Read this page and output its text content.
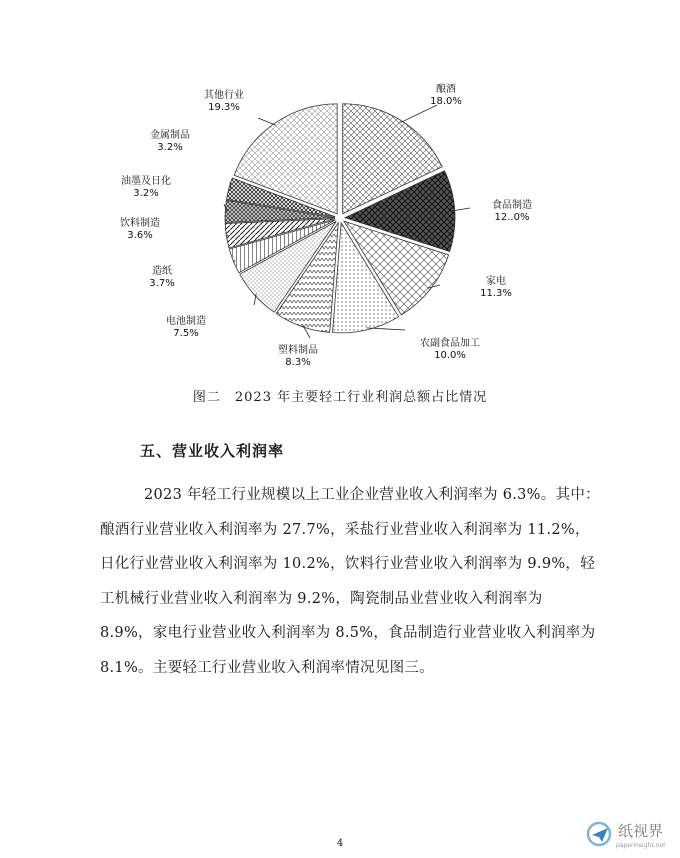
酿酒
18.0%
食品制造
12..0%
家电
11.3%
农副食品加工
10.0%
塑料制品
8.3%
电池制造
7.5%
造纸
3.7%
饮料制造
3.6%
油墨及日化
3.2%
金属制品
3.2%
其他行业
19.3%
图二　2023 年主要轻工行业利润总额占比情况
五、营业收入利润率
2023 年轻工行业规模以上工业企业营业收入利润率为 6.3%。其中：酿酒行业营业收入利润率为 27.7%，采盐行业营业收入利润率为 11.2%，日化行业营业收入利润率为 10.2%，饮料行业营业收入利润率为 9.9%，轻工机械行业营业收入利润率为 9.2%，陶瓷制品业营业收入利润率为 8.9%，家电行业营业收入利润率为 8.5%，食品制造行业营业收入利润率为 8.1%。主要轻工行业营业收入利润率情况见图三。
4
纸视界
paperinsight.net
